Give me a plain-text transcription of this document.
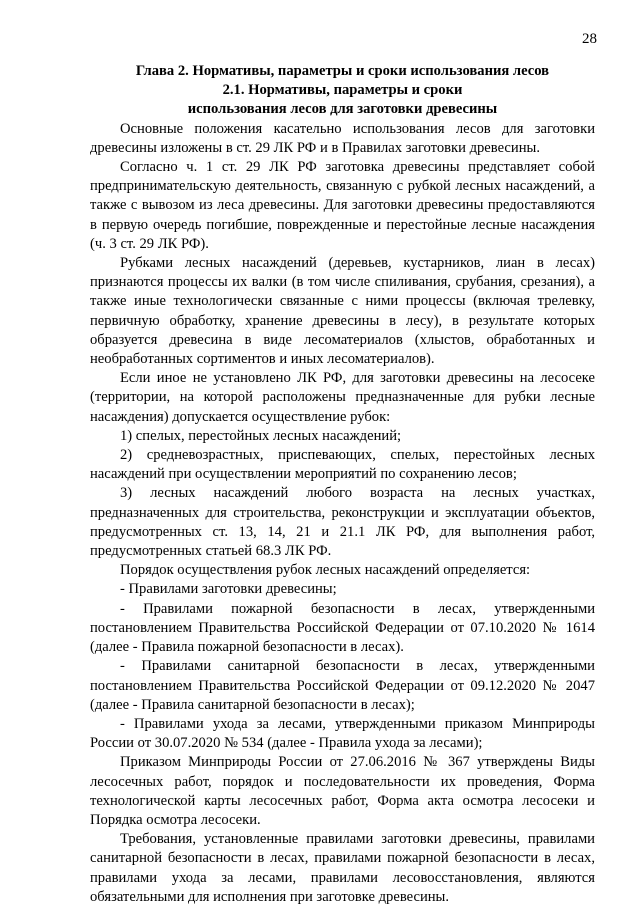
28

Глава 2. Нормативы, параметры и сроки использования лесов

2.1. Нормативы, параметры и сроки

использования лесов для заготовки древесины

Основные положения касательно использования лесов для заготовки древесины изложены в ст. 29 ЛК РФ и в Правилах заготовки древесины.

Согласно ч. 1 ст. 29 ЛК РФ заготовка древесины представляет собой предпринимательскую деятельность, связанную с рубкой лесных насаждений, а также с вывозом из леса древесины. Для заготовки древесины предоставляются в первую очередь погибшие, поврежденные и перестойные лесные насаждения (ч. 3 ст. 29 ЛК РФ).

Рубками лесных насаждений (деревьев, кустарников, лиан в лесах) признаются процессы их валки (в том числе спиливания, срубания, срезания), а также иные технологически связанные с ними процессы (включая трелевку, первичную обработку, хранение древесины в лесу), в результате которых образуется древесина в виде лесоматериалов (хлыстов, обработанных и необработанных сортиментов и иных лесоматериалов).

Если иное не установлено ЛК РФ, для заготовки древесины на лесосеке (территории, на которой расположены предназначенные для рубки лесные насаждения) допускается осуществление рубок:

1) спелых, перестойных лесных насаждений;

2) средневозрастных, приспевающих, спелых, перестойных лесных насаждений при осуществлении мероприятий по сохранению лесов;

3) лесных насаждений любого возраста на лесных участках, предназначенных для строительства, реконструкции и эксплуатации объектов, предусмотренных ст. 13, 14, 21 и 21.1 ЛК РФ, для выполнения работ, предусмотренных статьей 68.3 ЛК РФ.

Порядок осуществления рубок лесных насаждений определяется:

- Правилами заготовки древесины;

- Правилами пожарной безопасности в лесах, утвержденными постановлением Правительства Российской Федерации от 07.10.2020 № 1614 (далее - Правила пожарной безопасности в лесах).

- Правилами санитарной безопасности в лесах, утвержденными постановлением Правительства Российской Федерации от 09.12.2020 № 2047 (далее - Правила санитарной безопасности в лесах);

- Правилами ухода за лесами, утвержденными приказом Минприроды России от 30.07.2020 № 534 (далее - Правила ухода за лесами);

Приказом Минприроды России от 27.06.2016 № 367 утверждены Виды лесосечных работ, порядок и последовательности их проведения, Форма технологической карты лесосечных работ, Форма акта осмотра лесосеки и Порядка осмотра лесосеки.

Требования, установленные правилами заготовки древесины, правилами санитарной безопасности в лесах, правилами пожарной безопасности в лесах, правилами ухода за лесами, правилами лесовосстановления, являются обязательными для исполнения при заготовке древесины.
